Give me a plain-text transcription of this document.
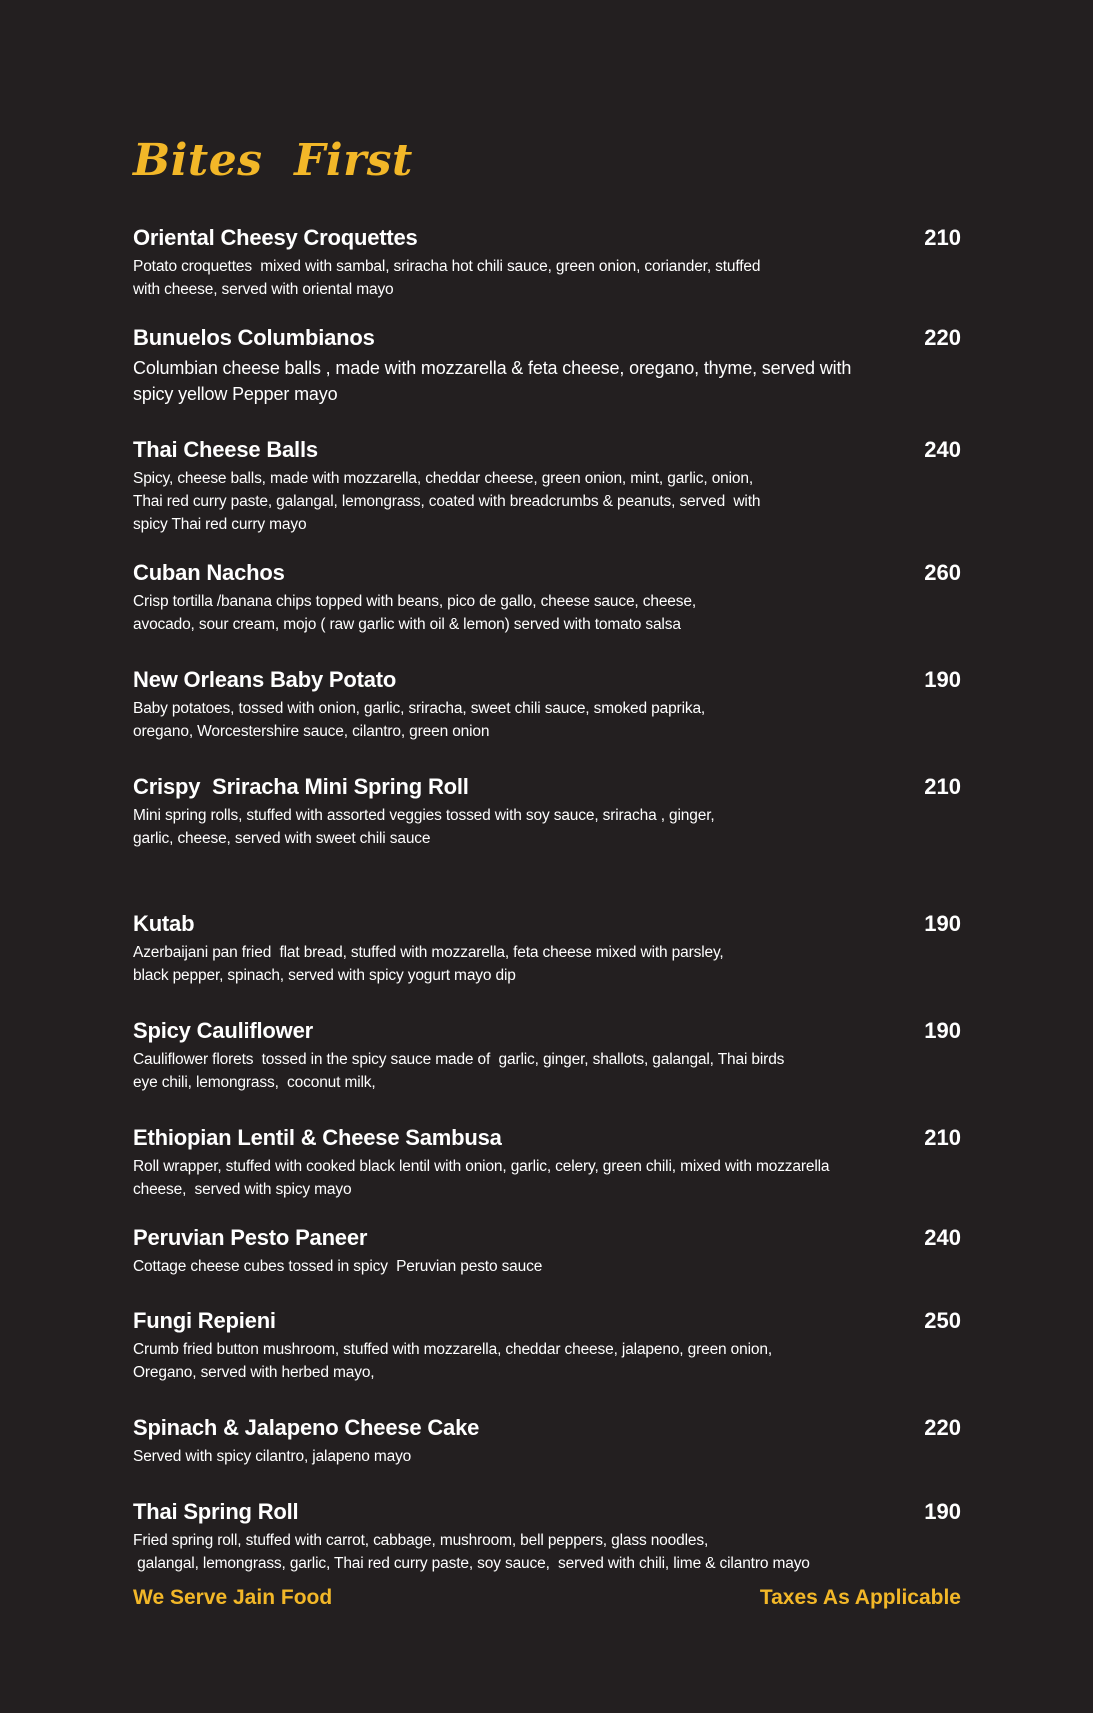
Bites  First
Oriental Cheesy Croquettes	210

Potato croquettes  mixed with sambal, sriracha hot chili sauce, green onion, coriander, stuffed
with cheese, served with oriental mayo

Bunuelos Columbianos	220

Columbian cheese balls , made with mozzarella & feta cheese, oregano, thyme, served with
spicy yellow Pepper mayo

Thai Cheese Balls	240

Spicy, cheese balls, made with mozzarella, cheddar cheese, green onion, mint, garlic, onion,
Thai red curry paste, galangal, lemongrass, coated with breadcrumbs & peanuts, served  with
spicy Thai red curry mayo

Cuban Nachos	260

Crisp tortilla /banana chips topped with beans, pico de gallo, cheese sauce, cheese,
avocado, sour cream, mojo ( raw garlic with oil & lemon) served with tomato salsa

New Orleans Baby Potato	190

Baby potatoes, tossed with onion, garlic, sriracha, sweet chili sauce, smoked paprika,
oregano, Worcestershire sauce, cilantro, green onion

Crispy  Sriracha Mini Spring Roll	210

Mini spring rolls, stuffed with assorted veggies tossed with soy sauce, sriracha , ginger,
garlic, cheese, served with sweet chili sauce

Kutab	190

Azerbaijani pan fried  flat bread, stuffed with mozzarella, feta cheese mixed with parsley,
black pepper, spinach, served with spicy yogurt mayo dip

Spicy Cauliflower	190

Cauliflower florets  tossed in the spicy sauce made of  garlic, ginger, shallots, galangal, Thai birds
eye chili, lemongrass,  coconut milk,

Ethiopian Lentil & Cheese Sambusa	210

Roll wrapper, stuffed with cooked black lentil with onion, garlic, celery, green chili, mixed with mozzarella
cheese,  served with spicy mayo

Peruvian Pesto Paneer	240

Cottage cheese cubes tossed in spicy  Peruvian pesto sauce

Fungi Repieni	250

Crumb fried button mushroom, stuffed with mozzarella, cheddar cheese, jalapeno, green onion,
Oregano, served with herbed mayo,

Spinach & Jalapeno Cheese Cake	220

Served with spicy cilantro, jalapeno mayo

Thai Spring Roll	190

Fried spring roll, stuffed with carrot, cabbage, mushroom, bell peppers, glass noodles,
galangal, lemongrass, garlic, Thai red curry paste, soy sauce,  served with chili, lime & cilantro mayo

We Serve Jain Food	Taxes As Applicable
